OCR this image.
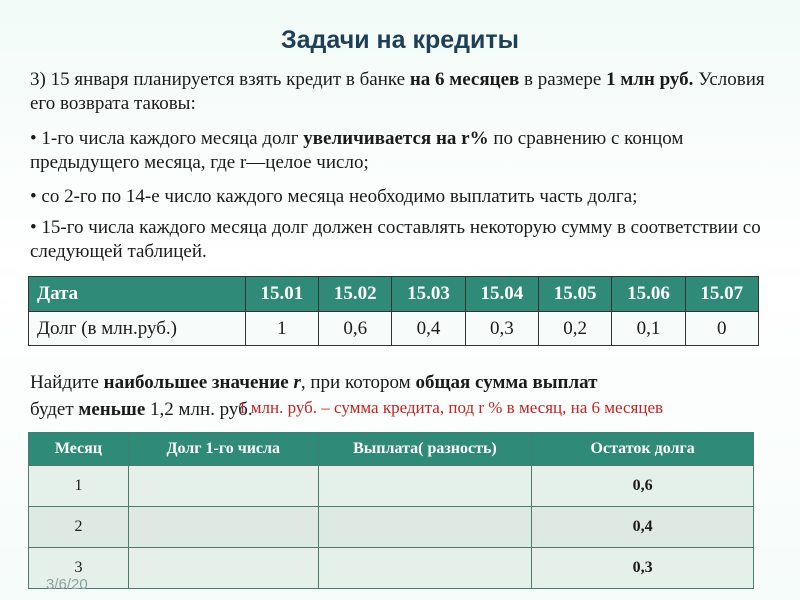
Задачи на кредиты
3) 15 января планируется взять кредит в банке на 6 месяцев в размере 1 млн руб. Условия его возврата таковы:
• 1-го числа каждого месяца долг увеличивается на r% по сравнению с концом предыдущего месяца, где r—целое число;
• со 2-го по 14-е число каждого месяца необходимо выплатить часть долга;
• 15-го числа каждого месяца долг должен составлять некоторую сумму в соответствии со следующей таблицей.
Дата	15.01	15.02	15.03	15.04	15.05	15.06	15.07
Долг (в млн.руб.)	1	0,6	0,4	0,3	0,2	0,1	0
Найдите наибольшее значение r, при котором общая сумма выплат
будет меньше 1,2 млн. руб.
1 млн. руб. – сумма кредита, под r % в месяц, на 6 месяцев
Месяц	Долг 1-го числа	Выплата( разность)	Остаток долга
1			0,6
2			0,4
3			0,3
3/6/20
